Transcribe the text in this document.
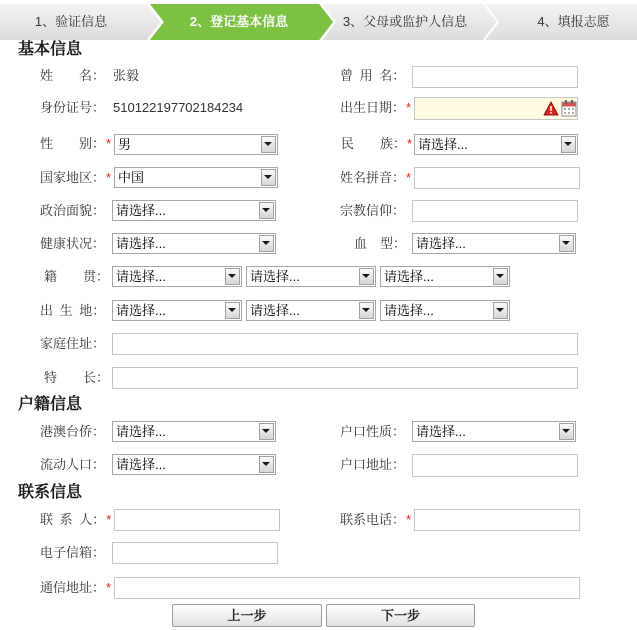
1、验证信息	2、登记基本信息	3、父母或监护人信息	4、填报志愿
基本信息
姓　　名： 张毅	曾 用 名：
身份证号： 510122197702184234	出生日期：*
性　　别：* 男	民　　族：* 请选择...
国家地区：* 中国	姓名拼音：*
政治面貌： 请选择...	宗教信仰：
健康状况： 请选择...	血　型： 请选择...
籍　　贯： 请选择...	请选择...	请选择...
出 生 地： 请选择...	请选择...	请选择...
家庭住址：
特　　长：
户籍信息
港澳台侨： 请选择...	户口性质： 请选择...
流动人口： 请选择...	户口地址：
联系信息
联 系 人：*	联系电话：*
电子信箱：
通信地址：*
上一步	下一步
